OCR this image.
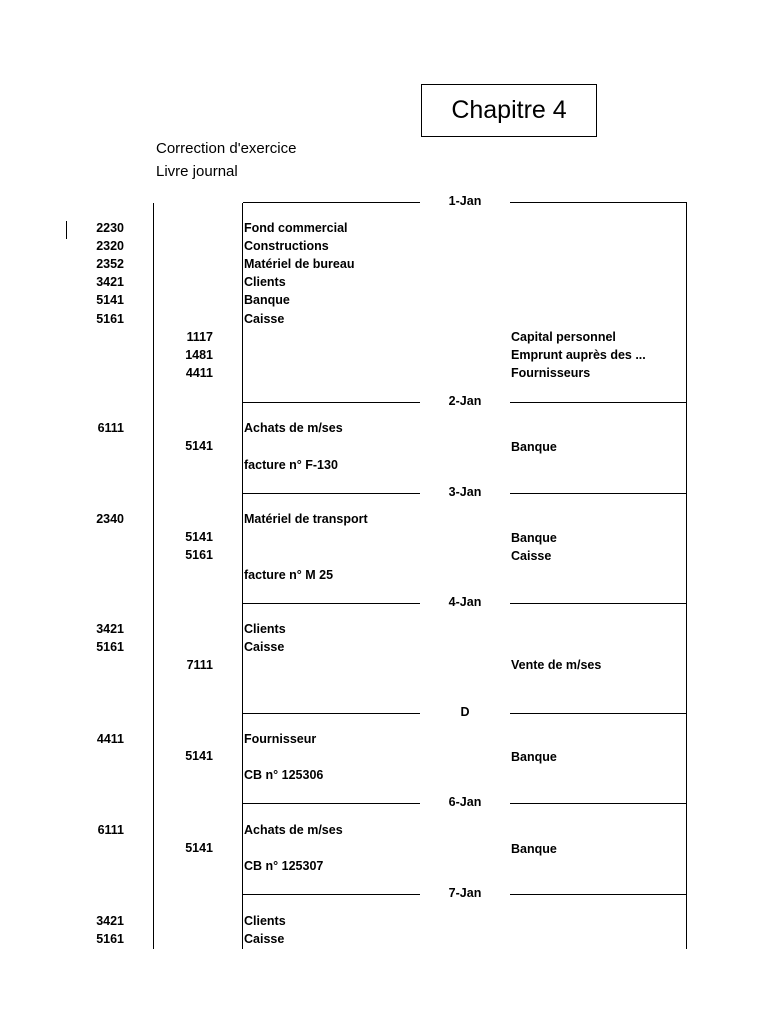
Chapitre 4
Correction d'exercice
Livre journal
1-Jan
2230	Fond commercial
2320	Constructions
2352	Matériel de bureau
3421	Clients
5141	Banque
5161	Caisse
1117	Capital personnel
1481	Emprunt auprès des ...
4411	Fournisseurs
2-Jan
6111	Achats de m/ses
5141	Banque
facture n° F-130
3-Jan
2340	Matériel de transport
5141	Banque
5161	Caisse
facture n° M 25
4-Jan
3421	Clients
5161	Caisse
7111	Vente de m/ses
D
4411	Fournisseur
5141	Banque
CB n° 125306
6-Jan
6111	Achats de m/ses
5141	Banque
CB n° 125307
7-Jan
3421	Clients
5161	Caisse
